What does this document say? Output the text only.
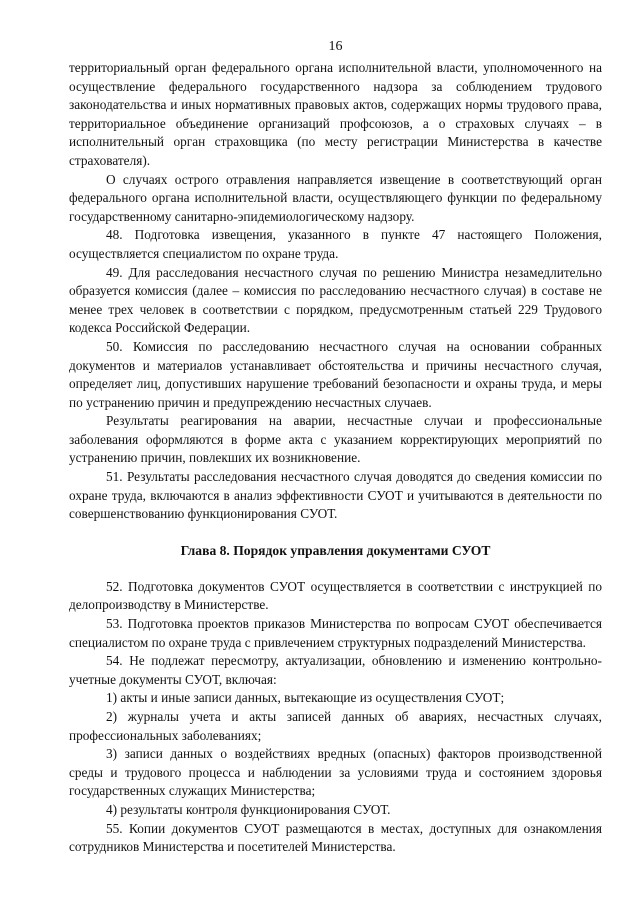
16

территориальный орган федерального органа исполнительной власти, уполномоченного на осуществление федерального государственного надзора за соблюдением трудового законодательства и иных нормативных правовых актов, содержащих нормы трудового права, территориальное объединение организаций профсоюзов, а о страховых случаях – в исполнительный орган страховщика (по месту регистрации Министерства в качестве страхователя).

О случаях острого отравления направляется извещение в соответствующий орган федерального органа исполнительной власти, осуществляющего функции по федеральному государственному санитарно-эпидемиологическому надзору.

48. Подготовка извещения, указанного в пункте 47 настоящего Положения, осуществляется специалистом по охране труда.

49. Для расследования несчастного случая по решению Министра незамедлительно образуется комиссия (далее – комиссия по расследованию несчастного случая) в составе не менее трех человек в соответствии с порядком, предусмотренным статьей 229 Трудового кодекса Российской Федерации.

50. Комиссия по расследованию несчастного случая на основании собранных документов и материалов устанавливает обстоятельства и причины несчастного случая, определяет лиц, допустивших нарушение требований безопасности и охраны труда, и меры по устранению причин и предупреждению несчастных случаев.

Результаты реагирования на аварии, несчастные случаи и профессиональные заболевания оформляются в форме акта с указанием корректирующих мероприятий по устранению причин, повлекших их возникновение.

51. Результаты расследования несчастного случая доводятся до сведения комиссии по охране труда, включаются в анализ эффективности СУОТ и учитываются в деятельности по совершенствованию функционирования СУОТ.

Глава 8. Порядок управления документами СУОТ

52. Подготовка документов СУОТ осуществляется в соответствии с инструкцией по делопроизводству в Министерстве.

53. Подготовка проектов приказов Министерства по вопросам СУОТ обеспечивается специалистом по охране труда с привлечением структурных подразделений Министерства.

54. Не подлежат пересмотру, актуализации, обновлению и изменению контрольно-учетные документы СУОТ, включая:

1) акты и иные записи данных, вытекающие из осуществления СУОТ;

2) журналы учета и акты записей данных об авариях, несчастных случаях, профессиональных заболеваниях;

3) записи данных о воздействиях вредных (опасных) факторов производственной среды и трудового процесса и наблюдении за условиями труда и состоянием здоровья государственных служащих Министерства;

4) результаты контроля функционирования СУОТ.

55. Копии документов СУОТ размещаются в местах, доступных для ознакомления сотрудников Министерства и посетителей Министерства.
